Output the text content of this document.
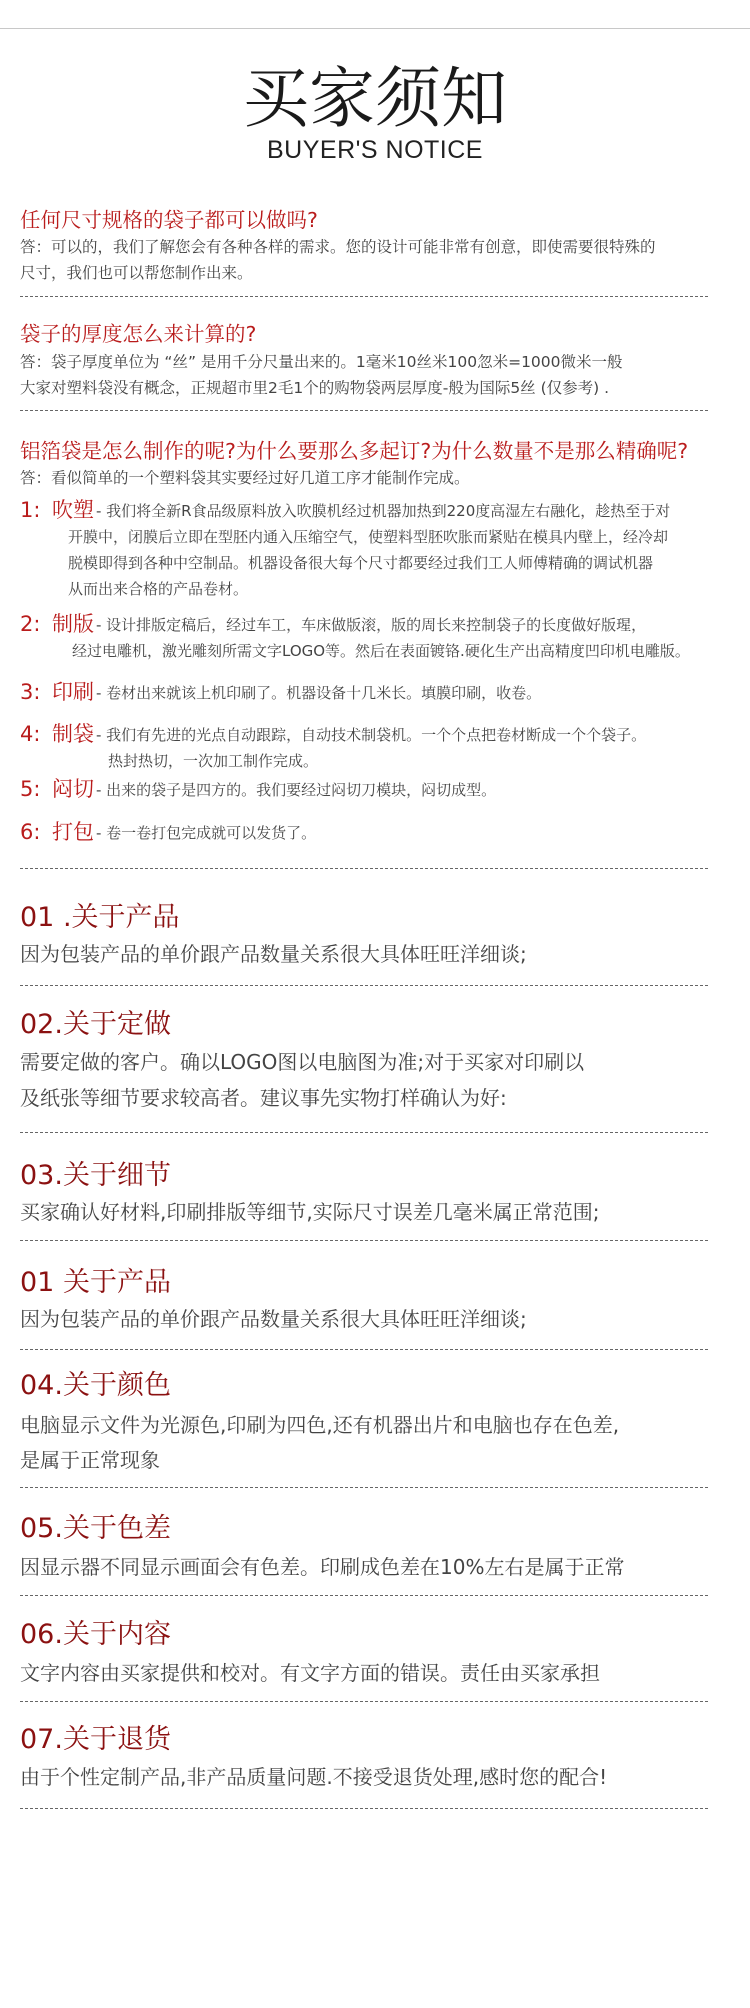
买家须知
BUYER'S NOTICE
任何尺寸规格的袋子都可以做吗?
答：可以的，我们了解您会有各种各样的需求。您的设计可能非常有创意，即使需要很特殊的
尺寸，我们也可以帮您制作出来。
袋子的厚度怎么来计算的?
答：袋子厚度单位为 “丝” 是用千分尺量出来的。1毫米10丝米100忽米=1000微米一般
大家对塑料袋没有概念，正规超市里2毛1个的购物袋两层厚度-般为国际5丝 (仅参考) .
铝箔袋是怎么制作的呢?为什么要那么多起订?为什么数量不是那么精确呢?
答：看似简单的一个塑料袋其实要经过好几道工序才能制作完成。
1: 吹塑 - 我们将全新R食品级原料放入吹膜机经过机器加热到220度高湿左右融化，趁热至于对
开膜中，闭膜后立即在型胚内通入压缩空气，使塑料型胚吹胀而紧贴在模具内壁上，经冷却
脱模即得到各种中空制品。机器设备很大每个尺寸都要经过我们工人师傅精确的调试机器
从而出来合格的产品卷材。
2: 制版 - 设计排版定稿后，经过车工，车床做版滚，版的周长来控制袋子的长度做好版瑆，
经过电雕机，激光雕刻所需文字LOGO等。然后在表面镀铬.硬化生产出高精度凹印机电雕版。
3: 印刷 - 卷材出来就该上机印刷了。机器设备十几米长。填膜印刷，收卷。
4: 制袋 - 我们有先进的光点自动跟踪，自动技术制袋机。一个个点把卷材断成一个个袋子。
热封热切，一次加工制作完成。
5: 闷切 - 出来的袋子是四方的。我们要经过闷切刀模块，闷切成型。
6: 打包 - 卷一卷打包完成就可以发货了。
01 .关于产品
因为包装产品的单价跟产品数量关系很大具体旺旺洋细谈;
02.关于定做
需要定做的客户。确以LOGO图以电脑图为准;对于买家对印刷以
及纸张等细节要求较高者。建议事先实物打样确认为好:
03.关于细节
买家确认好材料,印刷排版等细节,实际尺寸误差几毫米属正常范围;
01 关于产品
因为包装产品的单价跟产品数量关系很大具体旺旺洋细谈;
04.关于颜色
电脑显示文件为光源色,印刷为四色,还有机器出片和电脑也存在色差,
是属于正常现象
05.关于色差
因显示器不同显示画面会有色差。印刷成色差在10%左右是属于正常
06.关于内容
文字内容由买家提供和校对。有文字方面的错误。责任由买家承担
07.关于退货
由于个性定制产品,非产品质量问题.不接受退货处理,感时您的配合!
